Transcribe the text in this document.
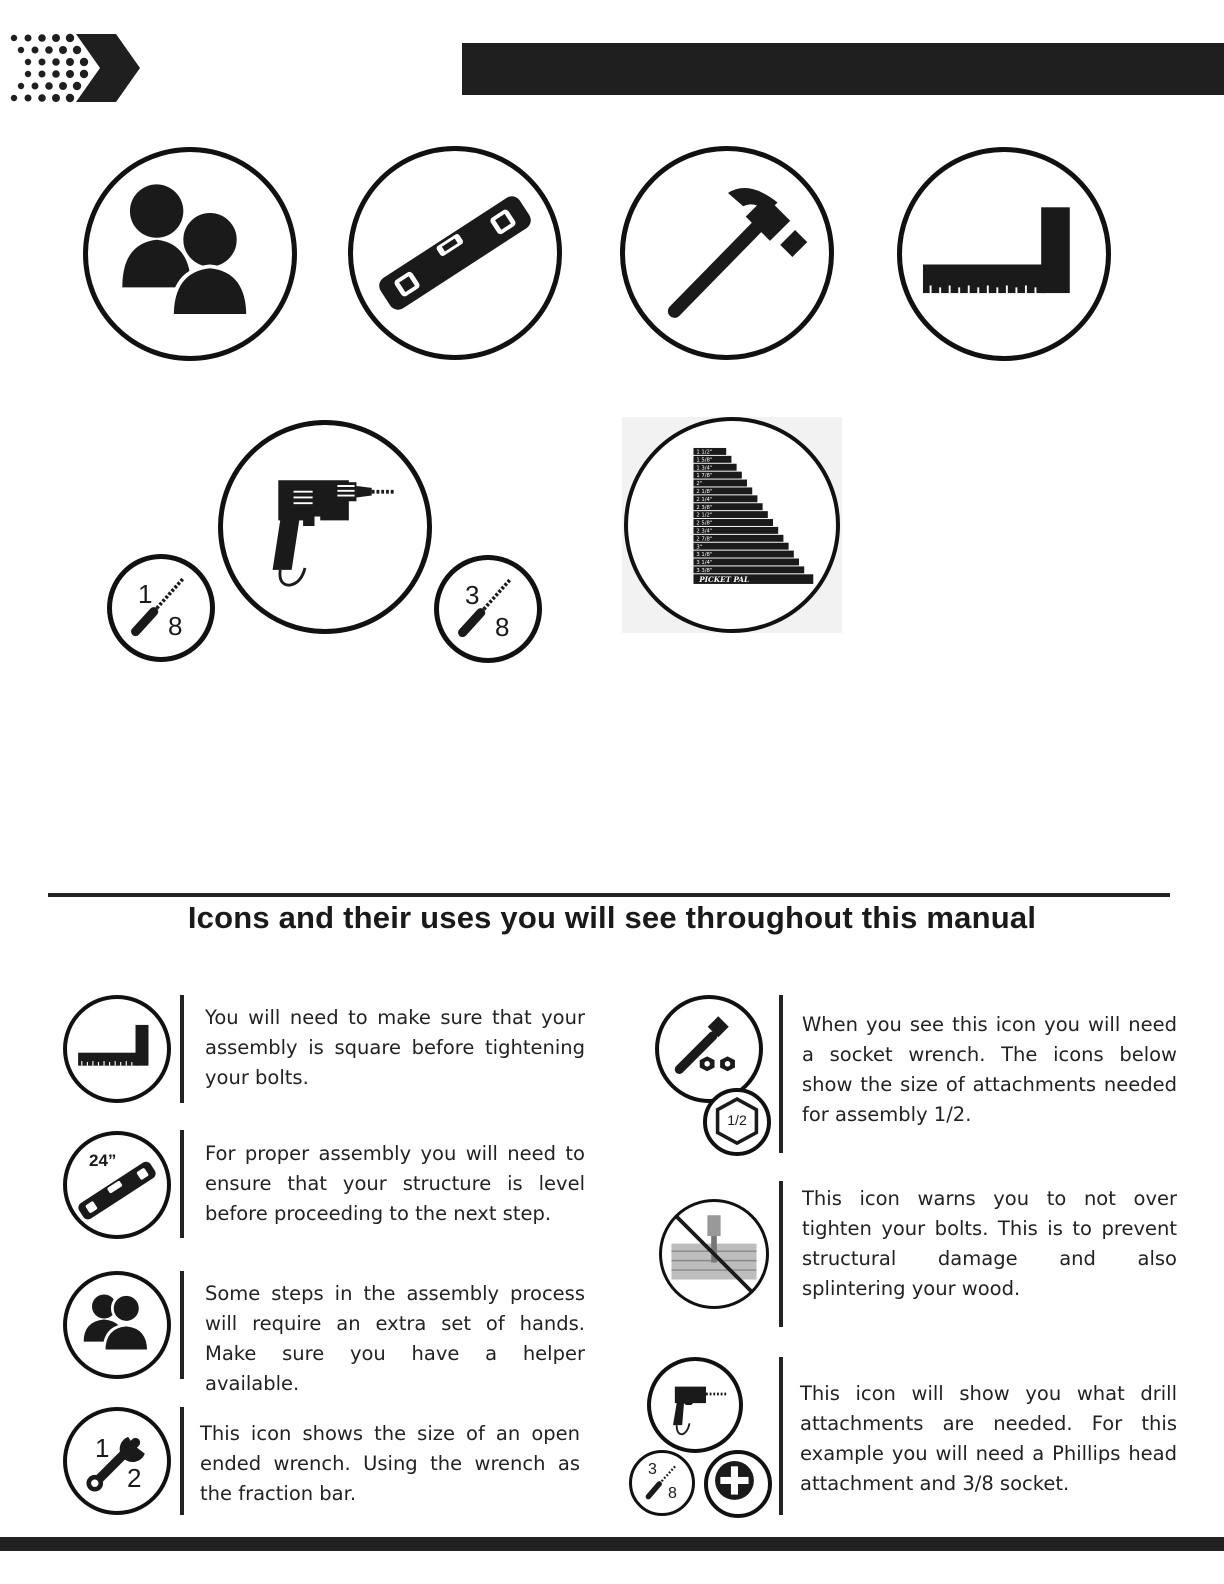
1
8
3
8
1 1/2"
1 5/8"
1 3/4"
1 7/8"
2"
2 1/8"
2 1/4"
2 3/8"
2 1/2"
2 5/8"
2 3/4"
2 7/8"
3"
3 1/8"
3 1/4"
3 3/8"
PICKET PAL
Icons and their uses you will see throughout this manual
You will need to make sure that your assembly is square before tightening your bolts.
24”	For proper assembly you will need to ensure that your structure is level before proceeding to the next step.
Some steps in the assembly process will require an extra set of hands. Make sure you have a helper available.
1
2
This icon shows the size of an open ended wrench. Using the wrench as the fraction bar.
1/2
When you see this icon you will need a socket wrench. The icons below show the size of attachments needed for assembly 1/2.
This icon warns you to not over tighten your bolts. This is to prevent structural damage and also splintering your wood.
3
8
This icon will show you what drill attachments are needed. For this example you will need a Phillips head attachment and 3/8 socket.
